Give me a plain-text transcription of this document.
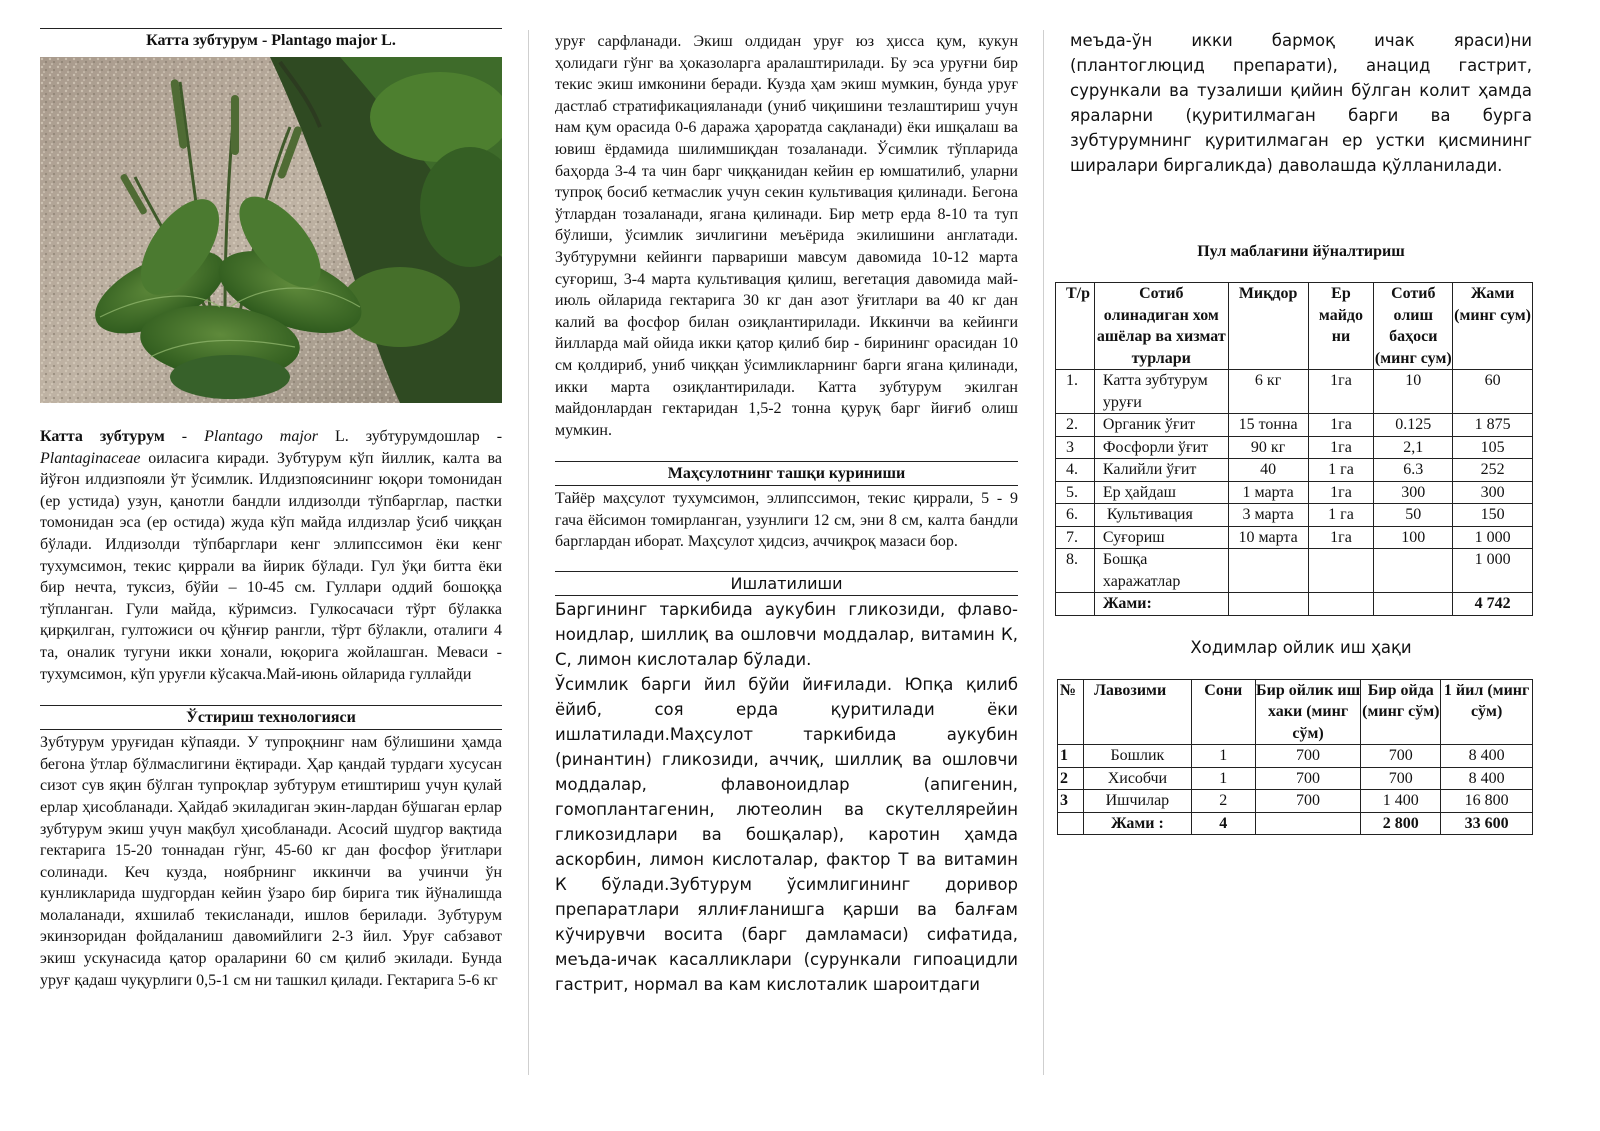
Катта зубтурум - Plantago major L.

Катта зубтурум - Plantago major L. зубтурумдошлар - Plantaginaceae оиласига киради. Зубтурум кўп йиллик, калта ва йўғон илдизпояли ўт ўсимлик. Илдизпоясининг юқори томонидан (ер устида) узун, қанотли бандли илдизолди тўпбарглар, пастки томонидан эса (ер остида) жуда кўп майда илдизлар ўсиб чиққан бўлади. Илдизолди тўпбарглари кенг эллипссимон ёки кенг тухумсимон, текис қиррали ва йирик бўлади. Гул ўқи битта ёки бир нечта, туксиз, бўйи – 10-45 см. Гуллари оддий бошоққа тўпланган. Гули майда, кўримсиз. Гулкосачаси тўрт бўлакка қирқилган, гултожиси оч қўнғир рангли, тўрт бўлакли, оталиги 4 та, оналик тугуни икки хонали, юқорига жойлашган. Меваси - тухумсимон, кўп уруғли кўсакча.Май-июнь ойларида гуллайди

Ўстириш технологияси

Зубтурум уруғидан кўпаяди. У тупроқнинг нам бўлишини ҳамда бегона ўтлар бўлмаслигини ёқтиради. Ҳар қандай турдаги хусусан сизот сув яқин бўлган тупроқлар зубтурум етиштириш учун қулай ерлар ҳисобланади. Ҳайдаб экиладиган экин-лардан бўшаган ерлар зубтурум экиш учун мақбул ҳисобланади. Асосий шудгор вақтида гектарига 15-20 тоннадан гўнг, 45-60 кг дан фосфор ўғитлари солинади. Кеч кузда, ноябрнинг иккинчи ва учинчи ўн кунликларида шудгордан кейин ўзаро бир бирига тик йўналишда молаланади, яхшилаб текисланади, ишлов берилади. Зубтурум экинзоридан фойдаланиш давомийлиги 2-3 йил. Уруғ сабзавот экиш ускунасида қатор ораларини 60 см қилиб экилади. Бунда уруғ қадаш чуқурлиги 0,5-1 см ни ташкил қилади. Гектарига 5-6 кг

уруғ сарфланади. Экиш олдидан уруғ юз ҳисса қум, кукун ҳолидаги гўнг ва ҳоказоларга аралаштирилади. Бу эса уруғни бир текис экиш имконини беради. Кузда ҳам экиш мумкин, бунда уруғ дастлаб стратификацияланади (униб чиқишини тезлаштириш учун нам қум орасида 0-6 даража ҳароратда сақланади) ёки ишқалаш ва ювиш ёрдамида шилимшиқдан тозаланади. Ўсимлик тўпларида баҳорда 3-4 та чин барг чиққанидан кейин ер юмшатилиб, уларни тупроқ босиб кетмаслик учун секин культивация қилинади. Бегона ўтлардан тозаланади, ягана қилинади. Бир метр ерда 8-10 та туп бўлиши, ўсимлик зичлигини меъёрида экилишини англатади. Зубтурумни кейинги парвариши мавсум давомида 10-12 марта суғориш, 3-4 марта культивация қилиш, вегетация давомида май-июль ойларида гектарига 30 кг дан азот ўғитлари ва 40 кг дан калий ва фосфор билан озиқлантирилади. Иккинчи ва кейинги йилларда май ойида икки қатор қилиб бир - бирининг орасидан 10 см қолдириб, униб чиққан ўсимликларнинг барги ягана қилинади, икки марта озиқлантирилади. Катта зубтурум экилган майдонлардан гектаридан 1,5-2 тонна қуруқ барг йиғиб олиш мумкин.

Маҳсулотнинг ташқи куриниши

Тайёр маҳсулот тухумсимон, эллипссимон, текис қиррали, 5 - 9 гача ёйсимон томирланган, узунлиги 12 см, эни 8 см, калта бандли барглардан иборат. Маҳсулот ҳидсиз, аччиқроқ мазаси бор.

Ишлатилиши

Баргининг таркибида аукубин гликозиди, флаво-ноидлар, шиллиқ ва ошловчи моддалар, витамин К, С, лимон кислоталар бўлади.

Ўсимлик барги йил бўйи йиғилади. Юпқа қилиб ёйиб, соя ерда қуритилади ёки ишлатилади.Маҳсулот таркибида аукубин (ринантин) гликозиди, аччиқ, шиллиқ ва ошловчи моддалар, флавоноидлар (апигенин, гомоплантагенин, лютеолин ва скутеллярейин гликозидлари ва бошқалар), каротин ҳамда аскорбин, лимон кислоталар, фактор Т ва витамин К бўлади.Зубтурум ўсимлигининг доривор препаратлари яллиғланишга қарши ва балғам кўчирувчи восита (барг дамламаси) сифатида, меъда-ичак касалликлари (сурункали гипоацидли гастрит, нормал ва кам кислоталик шароитдаги

меъда-ўн икки бармоқ ичак яраси)ни (плантоглюцид препарати), анацид гастрит, сурункали ва тузалиши қийин бўлган колит ҳамда яраларни (қуритилмаган барги ва бурга зубтурумнинг қуритилмаган ер устки қисмининг ширалари биргаликда) даволашда қўлланилади.

Пул маблағини йўналтириш
Т/р	Сотиб олинадиган хом ашёлар ва хизмат турлари	Миқдор	Ер майдо ни	Сотиб олиш баҳоси (минг сум)	Жами (минг сум)
1.	Катта зубтурум уруғи	6 кг	1га	10	60
2.	Органик ўғит	15 тонна	1га	0.125	1 875
3	Фосфорли ўғит	90 кг	1га	2,1	105
4.	Калийли ўғит	40	1 га	6.3	252
5.	Ер ҳайдаш	1 марта	1га	300	300
6.	Культивация	3 марта	1 га	50	150
7.	Суғориш	10 марта	1га	100	1 000
8.	Бошқа харажатлар				1 000
	Жами:				4 742
Ходимлар ойлик иш ҳақи
№	Лавозими	Сони	Бир ойлик иш хаки (минг сўм)	Бир ойда (минг сўм)	1 йил (минг сўм)
1	Бошлик	1	700	700	8 400
2	Хисобчи	1	700	700	8 400
3	Ишчилар	2	700	1 400	16 800
	Жами :	4		2 800	33 600
